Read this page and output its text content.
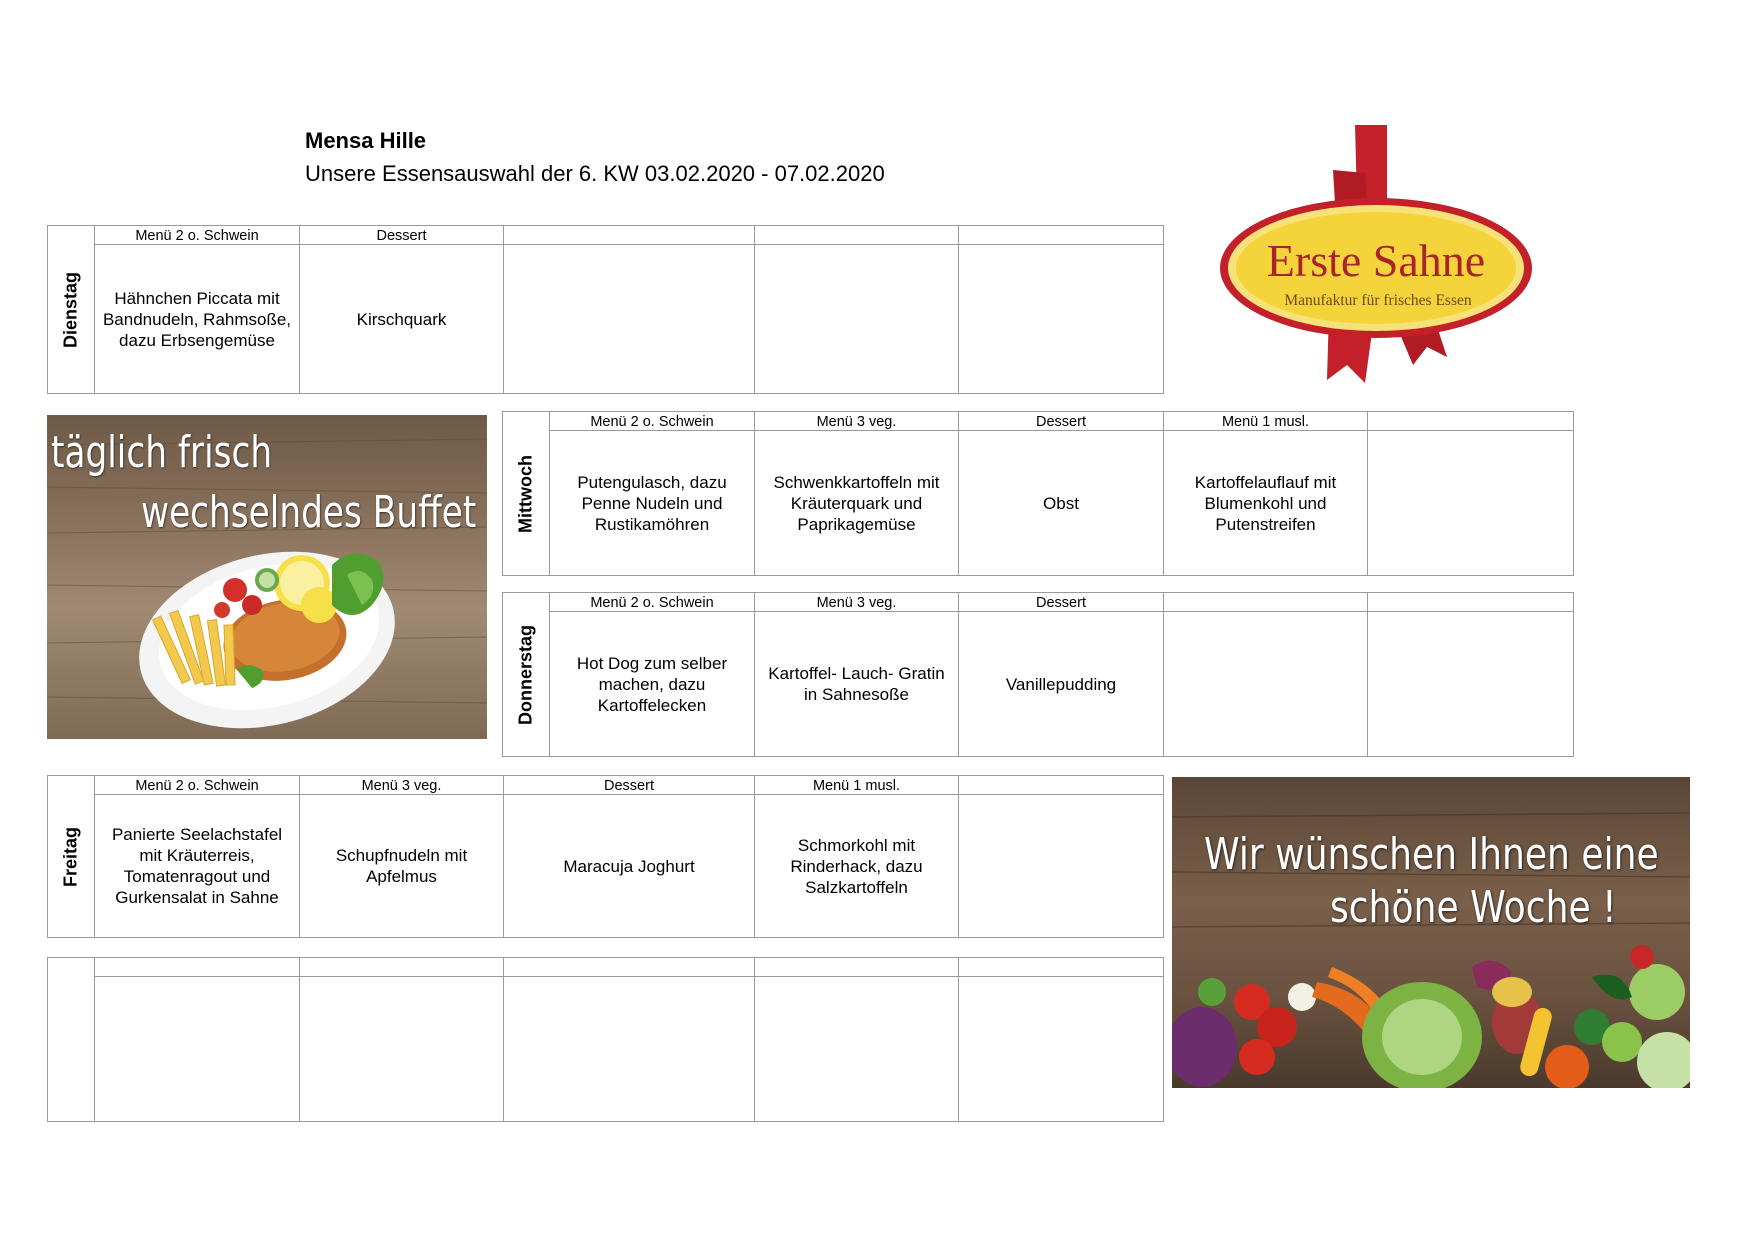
Mensa Hille
Unsere Essensauswahl der 6. KW 03.02.2020 - 07.02.2020
Dienstag
Menü 2 o. Schwein
Hähnchen Piccata mit
Bandnudeln, Rahmsoße,
dazu Erbsengemüse
Dessert
Kirschquark
Mittwoch
Menü 2 o. Schwein
Putengulasch, dazu
Penne Nudeln und
Rustikamöhren
Menü 3 veg.
Schwenkkartoffeln mit
Kräuterquark und
Paprikagemüse
Dessert
Obst
Menü 1 musl.
Kartoffelauflauf mit
Blumenkohl und
Putenstreifen
Donnerstag
Menü 2 o. Schwein
Hot Dog zum selber
machen, dazu
Kartoffelecken
Menü 3 veg.
Kartoffel- Lauch- Gratin
in Sahnesoße
Dessert
Vanillepudding
Freitag
Menü 2 o. Schwein
Panierte Seelachstafel
mit Kräuterreis,
Tomatenragout und
Gurkensalat in Sahne
Menü 3 veg.
Schupfnudeln mit
Apfelmus
Dessert
Maracuja Joghurt
Menü 1 musl.
Schmorkohl mit
Rinderhack, dazu
Salzkartoffeln
Erste Sahne
Manufaktur für frisches Essen
täglich frisch
wechselndes Buffet
Wir wünschen Ihnen eine
schöne Woche !
